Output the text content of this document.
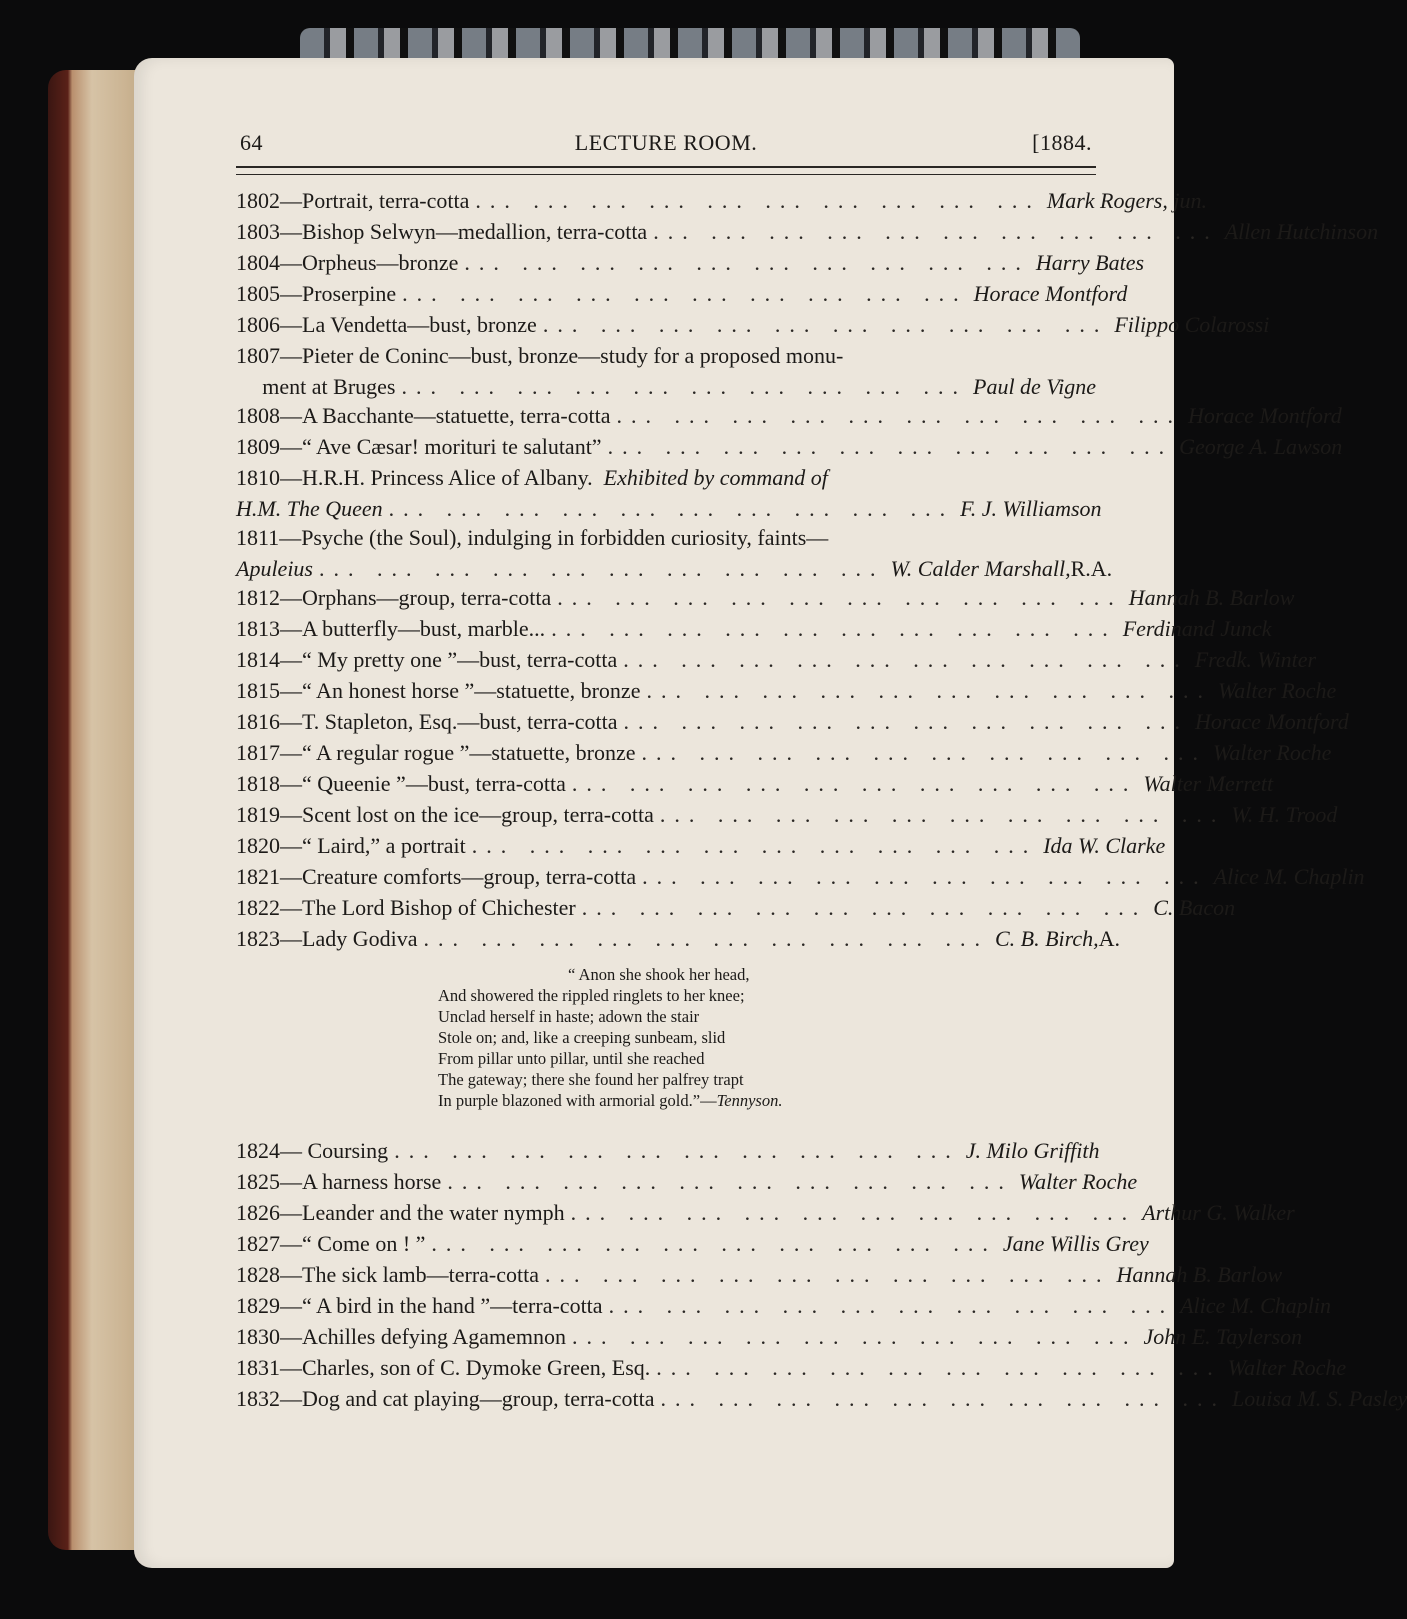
LECTURE ROOM.
64	[1884.
1802 —Portrait, terra-cotta ... ... ... ... ... ... ... ... ... ... Mark Rogers, jun.
1803 —Bishop Selwyn—medallion, terra-cotta ... ... ... ... ... ... ... ... ... ... Allen Hutchinson
1804 —Orpheus—bronze ... ... ... ... ... ... ... ... ... ... Harry Bates
1805 —Proserpine ... ... ... ... ... ... ... ... ... ... Horace Montford
1806 —La Vendetta—bust, bronze ... ... ... ... ... ... ... ... ... ... Filippo Colarossi
1807 —Pieter de Coninc—bust, bronze—study for a proposed monu-
ment at Bruges ... ... ... ... ... ... ... ... ... ... Paul de Vigne
1808 —A Bacchante—statuette, terra-cotta ... ... ... ... ... ... ... ... ... ... Horace Montford
1809 —“ Ave Cæsar! morituri te salutant” ... ... ... ... ... ... ... ... ... ... George A. Lawson
1810 —H.R.H. Princess Alice of Albany.
Exhibited by command of
H.M. The Queen ... ... ... ... ... ... ... ... ... ... F. J. Williamson
1811 —Psyche (the Soul), indulging in forbidden curiosity, faints—
Apuleius ... ... ... ... ... ... ... ... ... ... W. Calder Marshall, R.A.
1812 —Orphans—group, terra-cotta ... ... ... ... ... ... ... ... ... ... Hannah B. Barlow
1813 —A butterfly—bust, marble... ... ... ... ... ... ... ... ... ... ... Ferdinand Junck
1814 —“ My pretty one ”—bust, terra-cotta ... ... ... ... ... ... ... ... ... ... Fredk. Winter
1815 —“ An honest horse ”—statuette, bronze ... ... ... ... ... ... ... ... ... ... Walter Roche
1816 —T. Stapleton, Esq.—bust, terra-cotta ... ... ... ... ... ... ... ... ... ... Horace Montford
1817 —“ A regular rogue ”—statuette, bronze ... ... ... ... ... ... ... ... ... ... Walter Roche
1818 —“ Queenie ”—bust, terra-cotta ... ... ... ... ... ... ... ... ... ... Walter Merrett
1819 —Scent lost on the ice—group, terra-cotta ... ... ... ... ... ... ... ... ... ... W. H. Trood
1820 —“ Laird,” a portrait ... ... ... ... ... ... ... ... ... ... Ida W. Clarke
1821 —Creature comforts—group, terra-cotta ... ... ... ... ... ... ... ... ... ... Alice M. Chaplin
1822 —The Lord Bishop of Chichester ... ... ... ... ... ... ... ... ... ... C. Bacon
1823 —Lady Godiva ... ... ... ... ... ... ... ... ... ... C. B. Birch, A.
“ Anon she shook her head,
And showered the rippled ringlets to her knee;
Unclad herself in haste; adown the stair
Stole on; and, like a creeping sunbeam, slid
From pillar unto pillar, until she reached
The gateway; there she found her palfrey trapt
In purple blazoned with armorial gold.”—Tennyson.
1824 — Coursing ... ... ... ... ... ... ... ... ... ... J. Milo Griffith
1825 —A harness horse ... ... ... ... ... ... ... ... ... ... Walter Roche
1826 —Leander and the water nymph ... ... ... ... ... ... ... ... ... ... Arthur G. Walker
1827 —“ Come on ! ” ... ... ... ... ... ... ... ... ... ... Jane Willis Grey
1828 —The sick lamb—terra-cotta ... ... ... ... ... ... ... ... ... ... Hannah B. Barlow
1829 —“ A bird in the hand ”—terra-cotta ... ... ... ... ... ... ... ... ... ... Alice M. Chaplin
1830 —Achilles defying Agamemnon ... ... ... ... ... ... ... ... ... ... John E. Taylerson
1831 —Charles, son of C. Dymoke Green, Esq. ... ... ... ... ... ... ... ... ... ... Walter Roche
1832 —Dog and cat playing—group, terra-cotta ... ... ... ... ... ... ... ... ... ... Louisa M. S. Pasley
